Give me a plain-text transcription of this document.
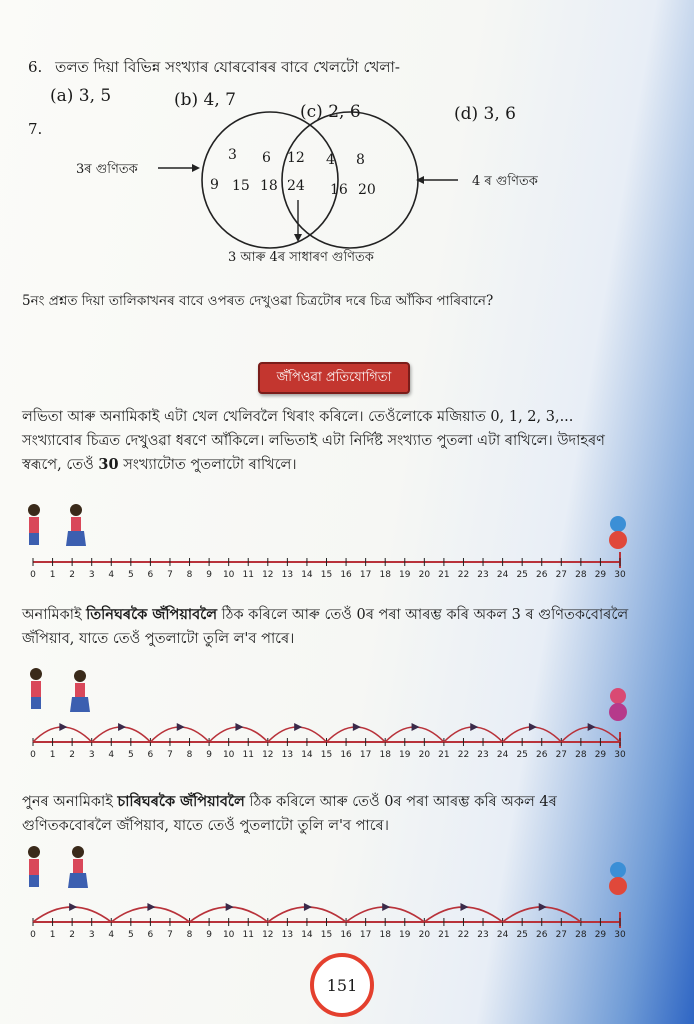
6. তলত দিয়া বিভিন্ন সংখ্যাৰ যোৰবোৰৰ বাবে খেলটো খেলা-
(a) 3, 5	(b) 4, 7
(c) 2, 6	(d) 3, 6
7.
3ৰ গুণিতক
4 ৰ গুণিতক
3 আৰু 4ৰ সাধাৰণ গুণিতক
3 6
9 15 18
12
24
4 8
16 20
5নং প্ৰশ্নত দিয়া তালিকাখনৰ বাবে ওপৰত দেখুওৱা চিত্ৰটোৰ দৰে চিত্ৰ আঁকিব পাৰিবানে?
জঁপিওৱা প্ৰতিযোগিতা
লভিতা আৰু অনামিকাই এটা খেল খেলিবলৈ থিৰাং কৰিলে। তেওঁলোকে মজিয়াত 0, 1, 2, 3,... সংখ্যাবোৰ চিত্ৰত দেখুওৱা ধৰণে আঁকিলে। লভিতাই এটা নিৰ্দিষ্ট সংখ্যাত পুতলা এটা ৰাখিলে। উদাহৰণ স্বৰূপে, তেওঁ 30 সংখ্যাটোত পুতলাটো ৰাখিলে।
0 1 2 3 4 5 6 7 8 9 10 11 12 13 14 15 16 17 18 19 20 21 22 23 24 25 26 27 28 29 30
অনামিকাই তিনিঘৰকৈ জঁপিয়াবলৈ ঠিক কৰিলে আৰু তেওঁ 0ৰ পৰা আৰম্ভ কৰি অকল 3 ৰ গুণিতকবোৰলৈ জঁপিয়াব, যাতে তেওঁ পুতলাটো তুলি ল'ব পাৰে।
0 1 2 3 4 5 6 7 8 9 10 11 12 13 14 15 16 17 18 19 20 21 22 23 24 25 26 27 28 29 30
পুনৰ অনামিকাই চাৰিঘৰকৈ জঁপিয়াবলৈ ঠিক কৰিলে আৰু তেওঁ 0ৰ পৰা আৰম্ভ কৰি অকল 4ৰ গুণিতকবোৰলৈ জঁপিয়াব, যাতে তেওঁ পুতলাটো তুলি ল'ব পাৰে।
0 1 2 3 4 5 6 7 8 9 10 11 12 13 14 15 16 17 18 19 20 21 22 23 24 25 26 27 28 29 30
151
